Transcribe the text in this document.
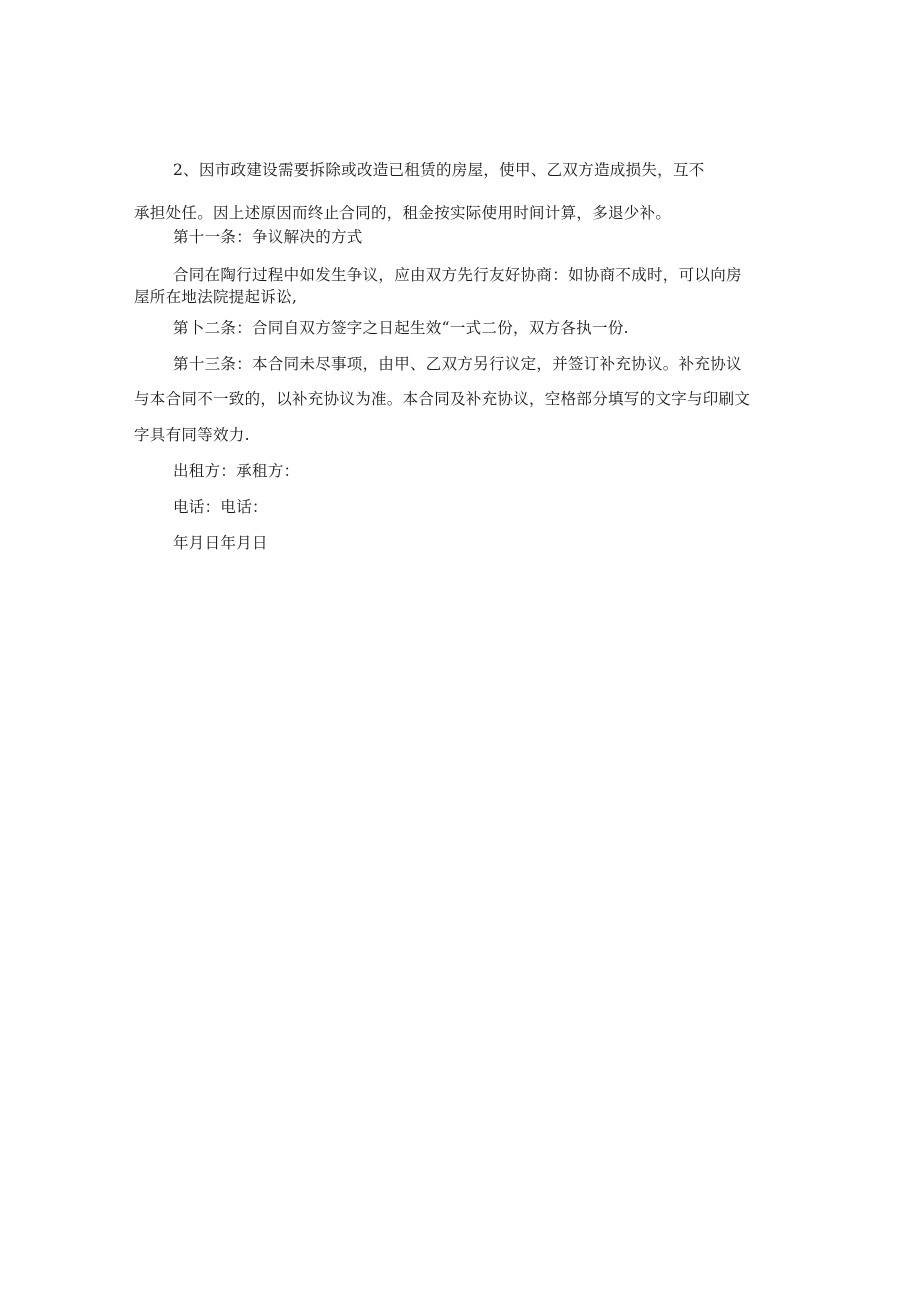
2、因市政建设需要拆除或改造已租赁的房屋，使甲、乙双方造成损失，互不
承担处任。因上述原因而终止合同的，租金按实际使用时间计算，多退少补。
第十一条：争议解决的方式
合同在陶行过程中如发生争议，应由双方先行友好协商：如协商不成时，可以向房
屋所在地法院提起诉讼,
第卜二条：合同自双方签字之日起生效“一式二份，双方各执一份.
第十三条：本合同未尽事项，由甲、乙双方另行议定，并签订补充协议。补充协议
与本合同不一致的，以补充协议为准。本合同及补充协议，空格部分填写的文字与印刷文
字具有同等效力.
出租方：承租方：
电话：电话：
年月日年月日
